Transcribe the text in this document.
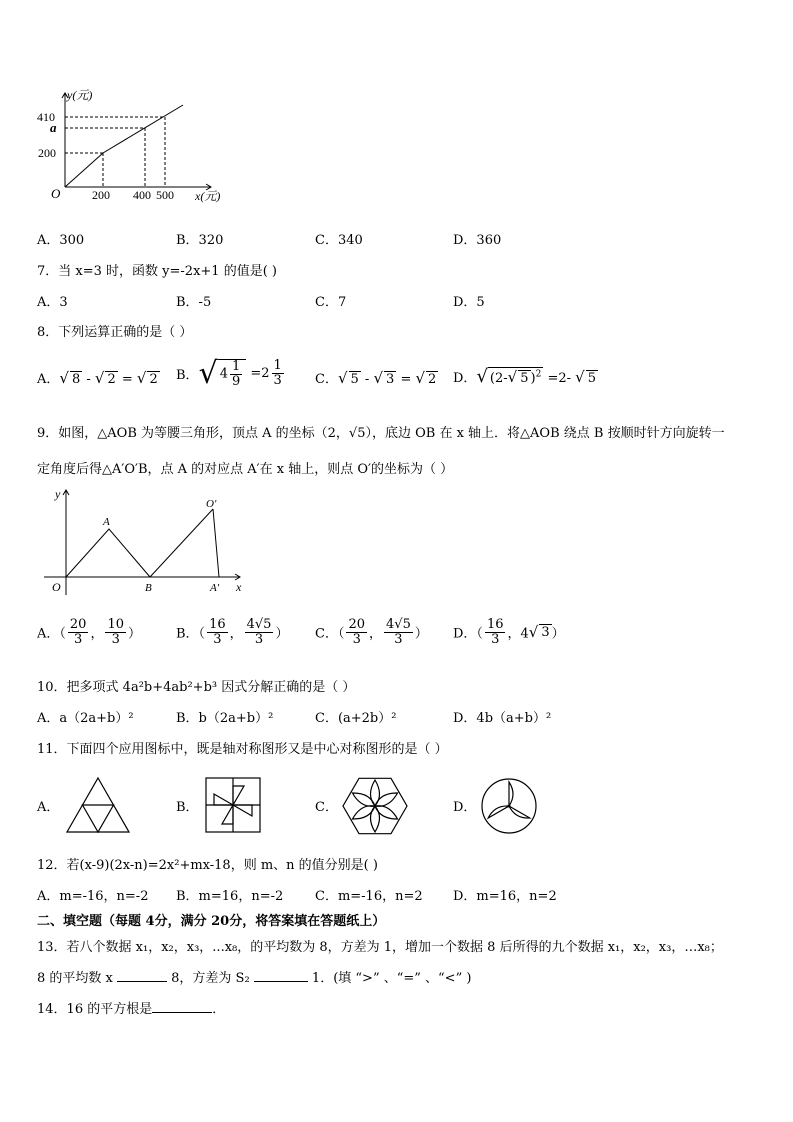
y(元)
x(元)
O
410
a
200
200 400 500
A．300	B．320	C．340	D．360
7．当 x=3 时，函数 y=-2x+1 的值是( )
A．3	B．-5	C．7	D．5
8．下列运算正确的是（ ）
A．√ 8 - √ 2 = √ 2 B．√ $4 \frac{1}{9} =2 \frac{1}{3}$ C．√ 5 - √ 3 = √ 2 D．√ (2-√ 5 )$^2$ =2- √ 5
9．如图，△AOB 为等腰三角形，顶点 A 的坐标（2，√5），底边 OB 在 x 轴上．将△AOB 绕点 B 按顺时针方向旋转一
定角度后得△A′O′B，点 A 的对应点 A′在 x 轴上，则点 O′的坐标为（ ）
y
x
O
A
B
O′
A′
A．（ $\frac{20}{3}$ ， $\frac{10}{3}$ ）	B．（ $\frac{16}{3}$ ， $\frac{4√5}{3}$ ） C．（ $\frac{20}{3}$ ， $\frac{4√5}{3}$ ） D．（ $\frac{16}{3}$ ，4√ 3 ）
10．把多项式 4a²b+4ab²+b³ 因式分解正确的是（ ）
A．a（2a+b）²	B．b（2a+b）²	C．(a+2b）²	D．4b（a+b）²
11．下面四个应用图标中，既是轴对称图形又是中心对称图形的是（ ）
A．	B．	C．	D．
12．若(x-9)(2x-n)=2x²+mx-18，则 m、n 的值分别是( )
A．m=-16，n=-2 B．m=16，n=-2 C．m=-16，n=2 D．m=16，n=2
二、填空题（每题 4分，满分 20分，将答案填在答题纸上）
13．若八个数据 x₁，x₂，x₃，...x₈，的平均数为 8，方差为 1，增加一个数据 8 后所得的九个数据 x₁，x₂，x₃，…x₈；
8 的平均数 x	8，方差为 S₂	1．(填 “>” 、“=” 、“<” )
14．16 的平方根是	．
